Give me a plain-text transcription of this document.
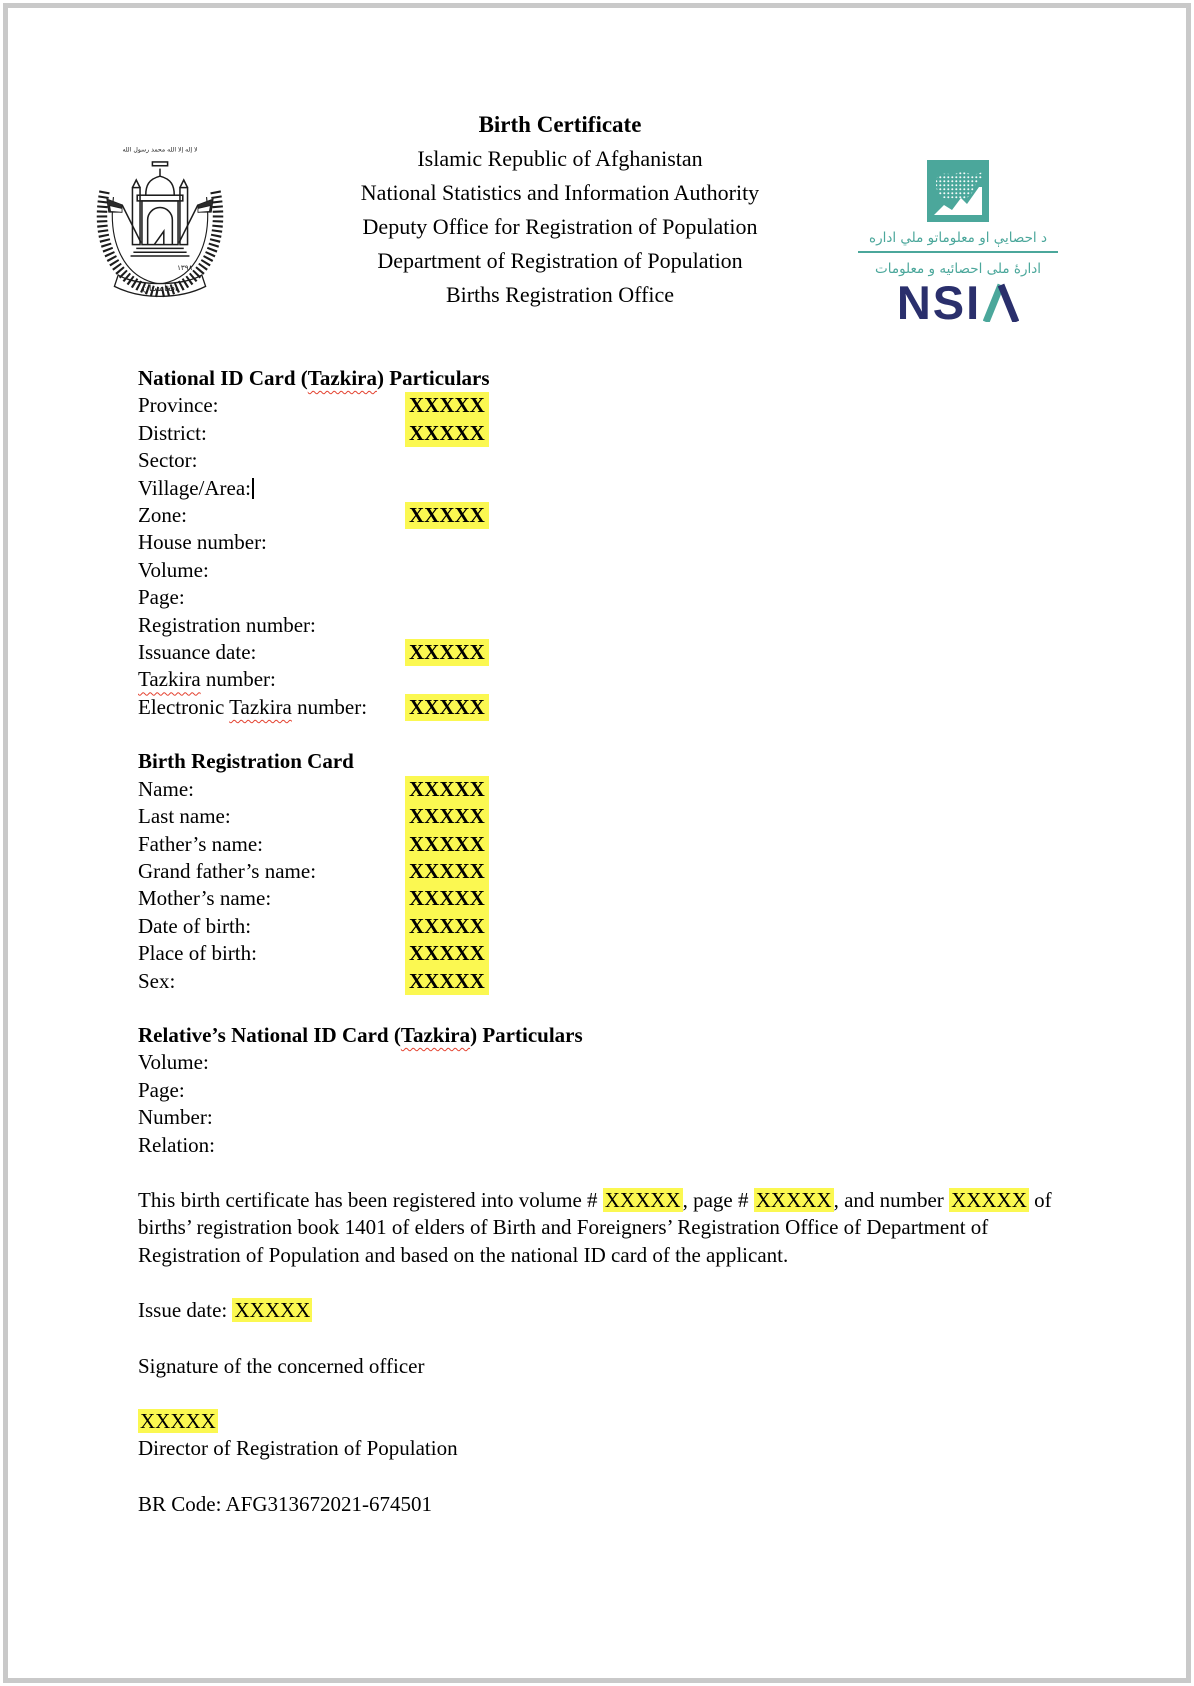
لا إله إلا الله محمد رسول الله
۱۳۹۸
افغانستان
Birth Certificate
Islamic Republic of Afghanistan
National Statistics and Information Authority
Deputy Office for Registration of Population
Department of Registration of Population
Births Registration Office
د احصایې او معلوماتو ملي اداره
ادارۀ ملی احصائیه و معلومات
NSI
National ID Card (Tazkira) Particulars
Province:	XXXXX
District:	XXXXX
Sector:
Village/Area:
Zone:	XXXXX
House number:
Volume:
Page:
Registration number:
Issuance date:	XXXXX
Tazkira number:
Electronic Tazkira number:	XXXXX
Birth Registration Card
Name:	XXXXX
Last name:	XXXXX
Father’s name:	XXXXX
Grand father’s name:	XXXXX
Mother’s name:	XXXXX
Date of birth:	XXXXX
Place of birth:	XXXXX
Sex:	XXXXX
Relative’s National ID Card (Tazkira) Particulars
Volume:
Page:
Number:
Relation:
This birth certificate has been registered into volume # XXXXX, page # XXXXX, and number XXXXX of births’ registration book 1401 of elders of Birth and Foreigners’ Registration Office of Department of Registration of Population and based on the national ID card of the applicant.
Issue date: XXXXX
Signature of the concerned officer
XXXXX
Director of Registration of Population
BR Code: AFG313672021-674501
